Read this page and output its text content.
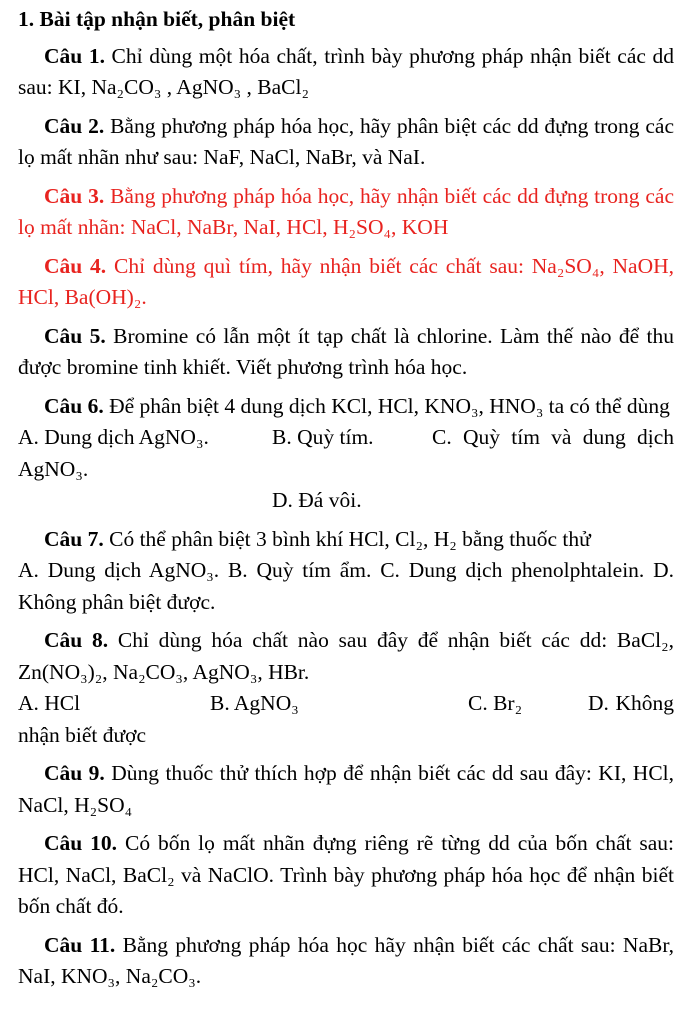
1. Bài tập nhận biết, phân biệt
Câu 1. Chỉ dùng một hóa chất, trình bày phương pháp nhận biết các dd sau: KI, Na₂CO₃ , AgNO₃ , BaCl₂
Câu 2. Bằng phương pháp hóa học, hãy phân biệt các dd đựng trong các lọ mất nhãn như sau: NaF, NaCl, NaBr, và NaI.
Câu 3. Bằng phương pháp hóa học, hãy nhận biết các dd đựng trong các lọ mất nhãn: NaCl, NaBr, NaI, HCl, H₂SO₄, KOH
Câu 4. Chỉ dùng quì tím, hãy nhận biết các chất sau: Na₂SO₄, NaOH, HCl, Ba(OH)₂.
Câu 5. Bromine có lẫn một ít tạp chất là chlorine. Làm thế nào để thu được bromine tinh khiết. Viết phương trình hóa học.
Câu 6. Để phân biệt 4 dung dịch KCl, HCl, KNO₃, HNO₃ ta có thể dùng
A. Dung dịch AgNO₃.	B. Quỳ tím.	C. Quỳ tím và dung dịch AgNO₃.
D. Đá vôi.
Câu 7. Có thể phân biệt 3 bình khí HCl, Cl₂, H₂ bằng thuốc thử
A. Dung dịch AgNO₃. B. Quỳ tím ẩm. C. Dung dịch phenolphtalein. D. Không phân biệt được.
Câu 8. Chỉ dùng hóa chất nào sau đây để nhận biết các dd: BaCl₂, Zn(NO₃)₂, Na₂CO₃, AgNO₃, HBr.
A. HCl	B. AgNO₃	C. Br₂	D. Không nhận biết được
Câu 9. Dùng thuốc thử thích hợp để nhận biết các dd sau đây: KI, HCl, NaCl, H₂SO₄
Câu 10. Có bốn lọ mất nhãn đựng riêng rẽ từng dd của bốn chất sau: HCl, NaCl, BaCl₂ và NaClO. Trình bày phương pháp hóa học để nhận biết bốn chất đó.
Câu 11. Bằng phương pháp hóa học hãy nhận biết các chất sau: NaBr, NaI, KNO₃, Na₂CO₃.
